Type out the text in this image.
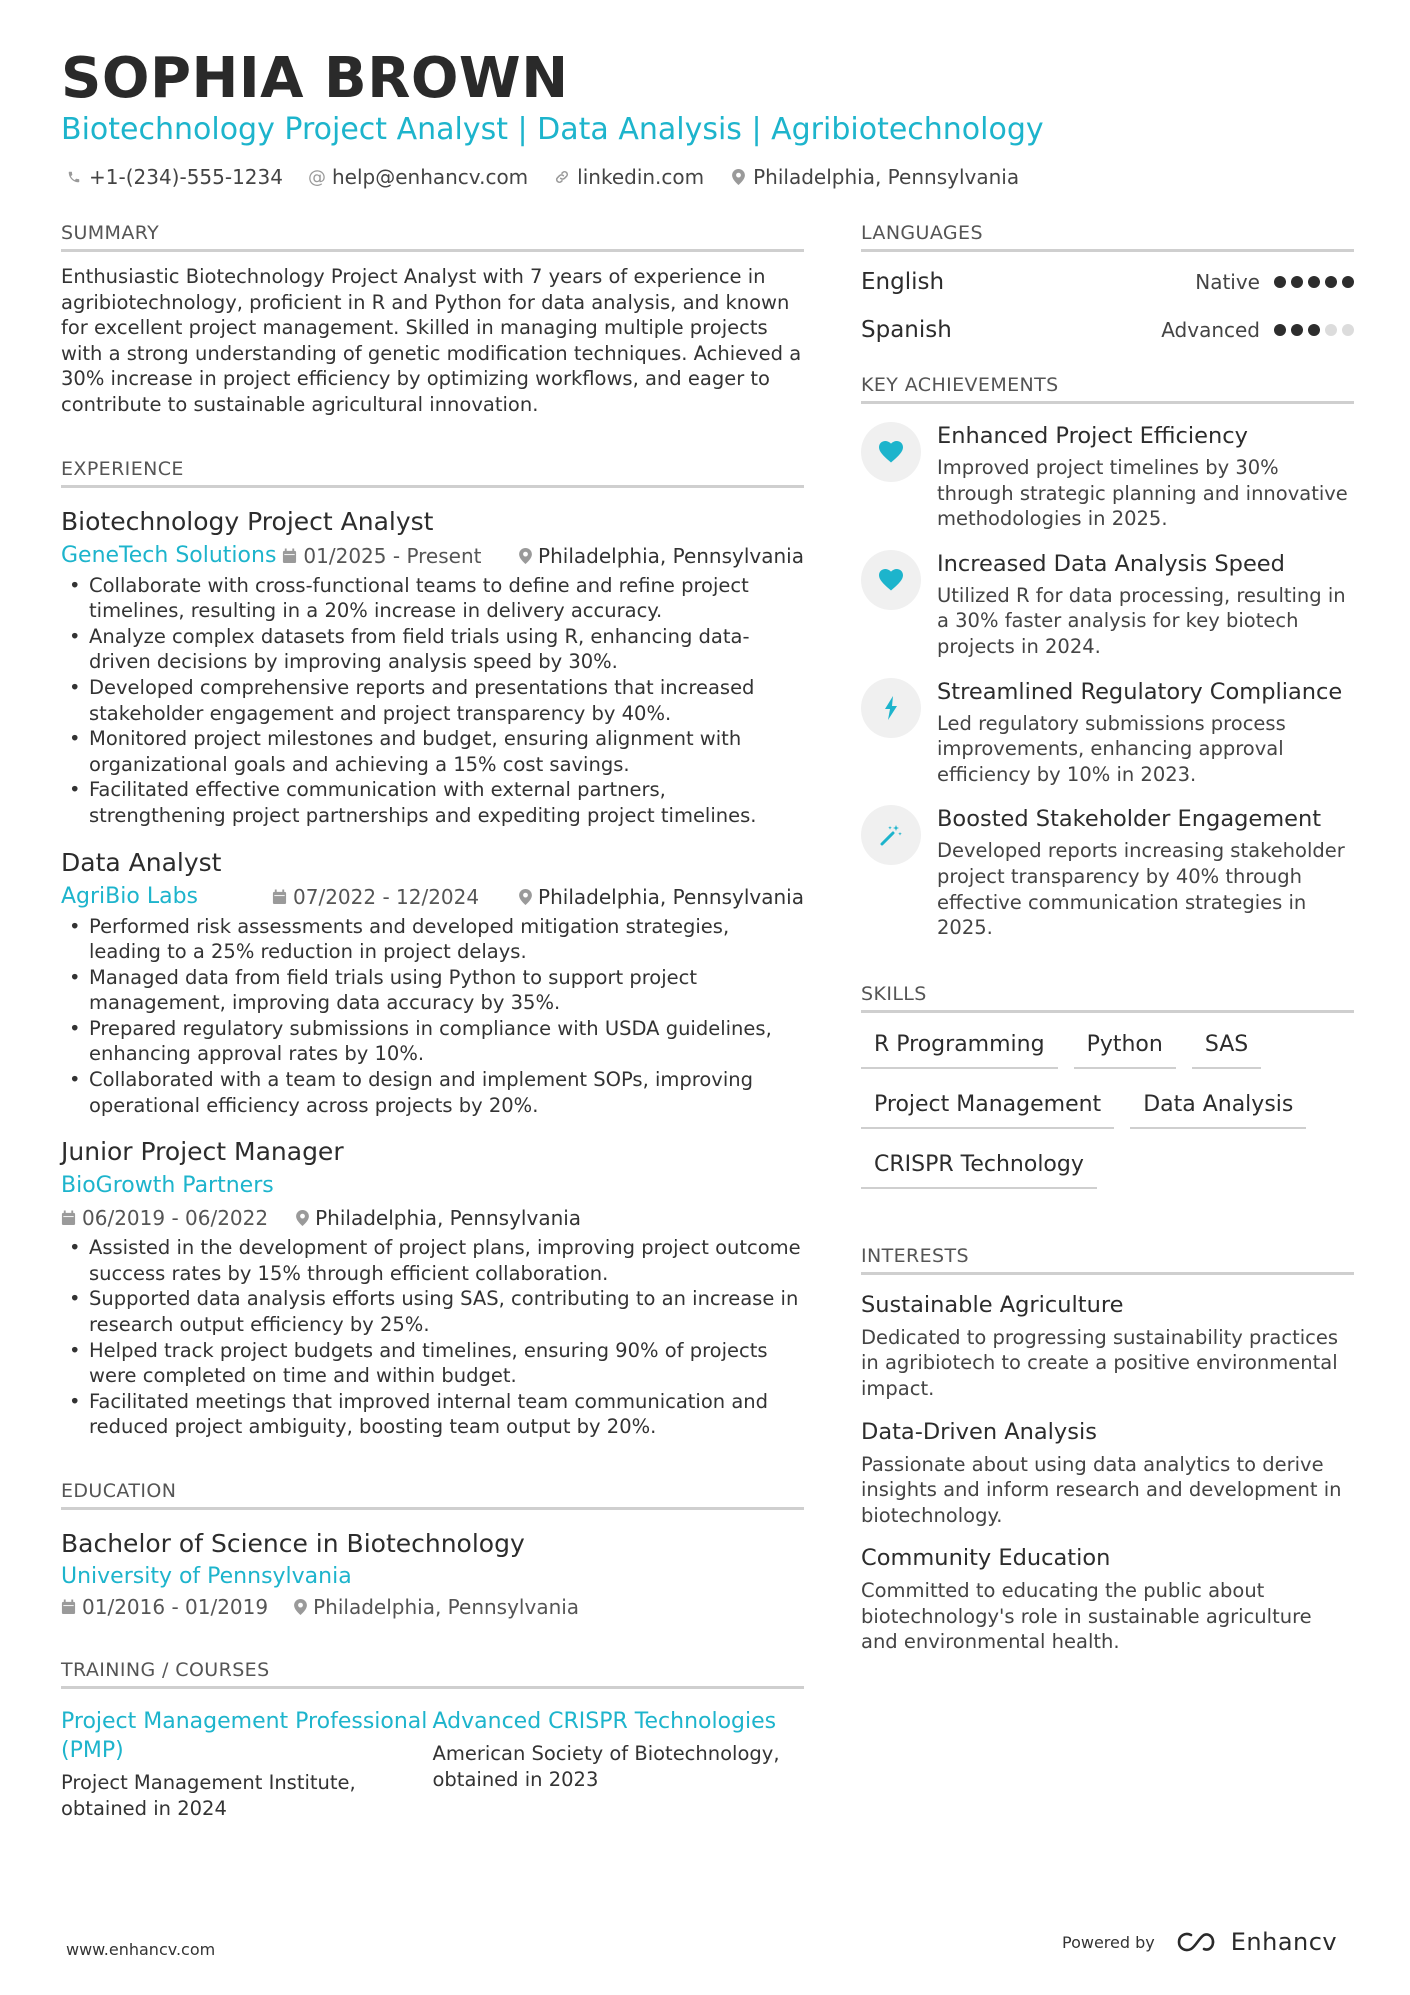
SOPHIA BROWN
Biotechnology Project Analyst | Data Analysis | Agribiotechnology
+1-(234)-555-1234 @ help@enhancv.com linkedin.com Philadelphia, Pennsylvania
SUMMARY

Enthusiastic Biotechnology Project Analyst with 7 years of experience in agribiotechnology, proficient in R and Python for data analysis, and known for excellent project management. Skilled in managing multiple projects with a strong understanding of genetic modification techniques. Achieved a 30% increase in project efficiency by optimizing workflows, and eager to contribute to sustainable agricultural innovation.

EXPERIENCE
Biotechnology Project Analyst
GeneTech Solutions 01/2025 - Present	Philadelphia, Pennsylvania
• Collaborate with cross-functional teams to define and refine project timelines, resulting in a 20% increase in delivery accuracy.
• Analyze complex datasets from field trials using R, enhancing data-driven decisions by improving analysis speed by 30%.
• Developed comprehensive reports and presentations that increased stakeholder engagement and project transparency by 40%.
• Monitored project milestones and budget, ensuring alignment with organizational goals and achieving a 15% cost savings.
• Facilitated effective communication with external partners, strengthening project partnerships and expediting project timelines.
Data Analyst
AgriBio Labs	07/2022 - 12/2024	Philadelphia, Pennsylvania
• Performed risk assessments and developed mitigation strategies, leading to a 25% reduction in project delays.
• Managed data from field trials using Python to support project management, improving data accuracy by 35%.
• Prepared regulatory submissions in compliance with USDA guidelines, enhancing approval rates by 10%.
• Collaborated with a team to design and implement SOPs, improving operational efficiency across projects by 20%.
Junior Project Manager
BioGrowth Partners
06/2019 - 06/2022 Philadelphia, Pennsylvania
• Assisted in the development of project plans, improving project outcome success rates by 15% through efficient collaboration.
• Supported data analysis efforts using SAS, contributing to an increase in research output efficiency by 25%.
• Helped track project budgets and timelines, ensuring 90% of projects were completed on time and within budget.
• Facilitated meetings that improved internal team communication and reduced project ambiguity, boosting team output by 20%.
EDUCATION
Bachelor of Science in Biotechnology
University of Pennsylvania
01/2016 - 01/2019 Philadelphia, Pennsylvania
TRAINING / COURSES
Project Management Professional (PMP)
Project Management Institute, obtained in 2024
Advanced CRISPR Technologies
American Society of Biotechnology, obtained in 2023
LANGUAGES
English	Native
Spanish	Advanced
KEY ACHIEVEMENTS
Enhanced Project Efficiency
Improved project timelines by 30% through strategic planning and innovative methodologies in 2025.
Increased Data Analysis Speed
Utilized R for data processing, resulting in a 30% faster analysis for key biotech projects in 2024.
Streamlined Regulatory Compliance
Led regulatory submissions process improvements, enhancing approval efficiency by 10% in 2023.
Boosted Stakeholder Engagement
Developed reports increasing stakeholder project transparency by 40% through effective communication strategies in 2025.
SKILLS
R Programming	Python	SAS
Project Management	Data Analysis
CRISPR Technology
INTERESTS
Sustainable Agriculture
Dedicated to progressing sustainability practices in agribiotech to create a positive environmental impact.
Data-Driven Analysis
Passionate about using data analytics to derive insights and inform research and development in biotechnology.
Community Education
Committed to educating the public about biotechnology's role in sustainable agriculture and environmental health.
www.enhancv.com	Powered by	Enhancv
